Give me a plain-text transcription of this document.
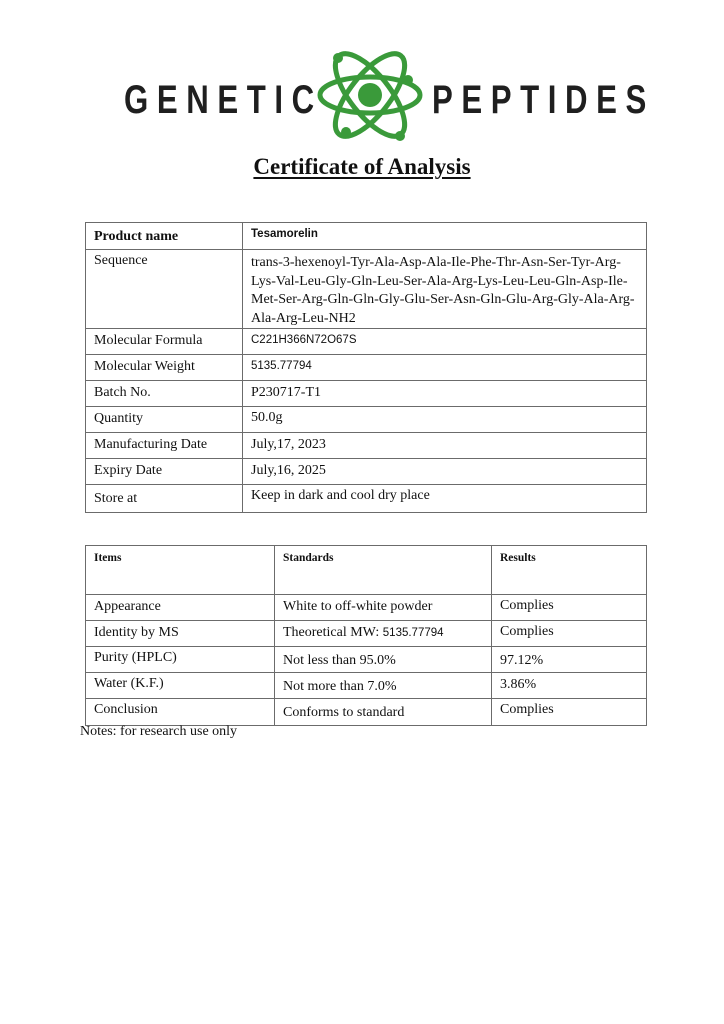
GENETIC	PEPTIDES
Certificate of Analysis
Product name	Tesamorelin
Sequence	trans-3-hexenoyl-Tyr-Ala-Asp-Ala-Ile-Phe-Thr-Asn-Ser-Tyr-Arg-Lys-Val-Leu-Gly-Gln-Leu-Ser-Ala-Arg-Lys-Leu-Leu-Gln-Asp-Ile-Met-Ser-Arg-Gln-Gln-Gly-Glu-Ser-Asn-Gln-Glu-Arg-Gly-Ala-Arg-Ala-Arg-Leu-NH2
Molecular Formula	C221H366N72O67S
Molecular Weight	5135.77794
Batch No.	P230717-T1
Quantity	50.0g
Manufacturing Date	July,17, 2023
Expiry Date	July,16, 2025
Store at	Keep in dark and cool dry place
Items	Standards	Results
Appearance	White to off-white powder	Complies
Identity by MS	Theoretical MW: 5135.77794	Complies
Purity (HPLC)	Not less than 95.0%	97.12%
Water (K.F.)	Not more than 7.0%	3.86%
Conclusion	Conforms to standard	Complies
Notes: for research use only
